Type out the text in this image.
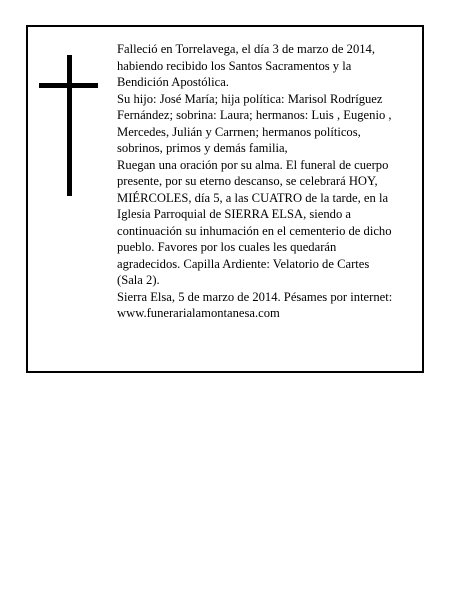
Falleció en Torrelavega, el día 3 de marzo de 2014,
habiendo recibido los Santos Sacramentos y la
Bendición Apostólica.
Su hijo: José María; hija política: Marisol Rodríguez
Fernández; sobrina: Laura; hermanos: Luis , Eugenio ,
Mercedes, Julián y Carrnen; hermanos políticos,
sobrinos, primos y demás familia,
Ruegan una oración por su alma. El funeral de cuerpo
presente, por su eterno descanso, se celebrará HOY,
MIÉRCOLES, día 5, a las CUATRO de la tarde, en la
Iglesia Parroquial de SIERRA ELSA, siendo a
continuación su inhumación en el cementerio de dicho
pueblo. Favores por los cuales les quedarán
agradecidos. Capilla Ardiente: Velatorio de Cartes
(Sala 2).
Sierra Elsa, 5 de marzo de 2014. Pésames por internet:
www.funerarialamontanesa.com
